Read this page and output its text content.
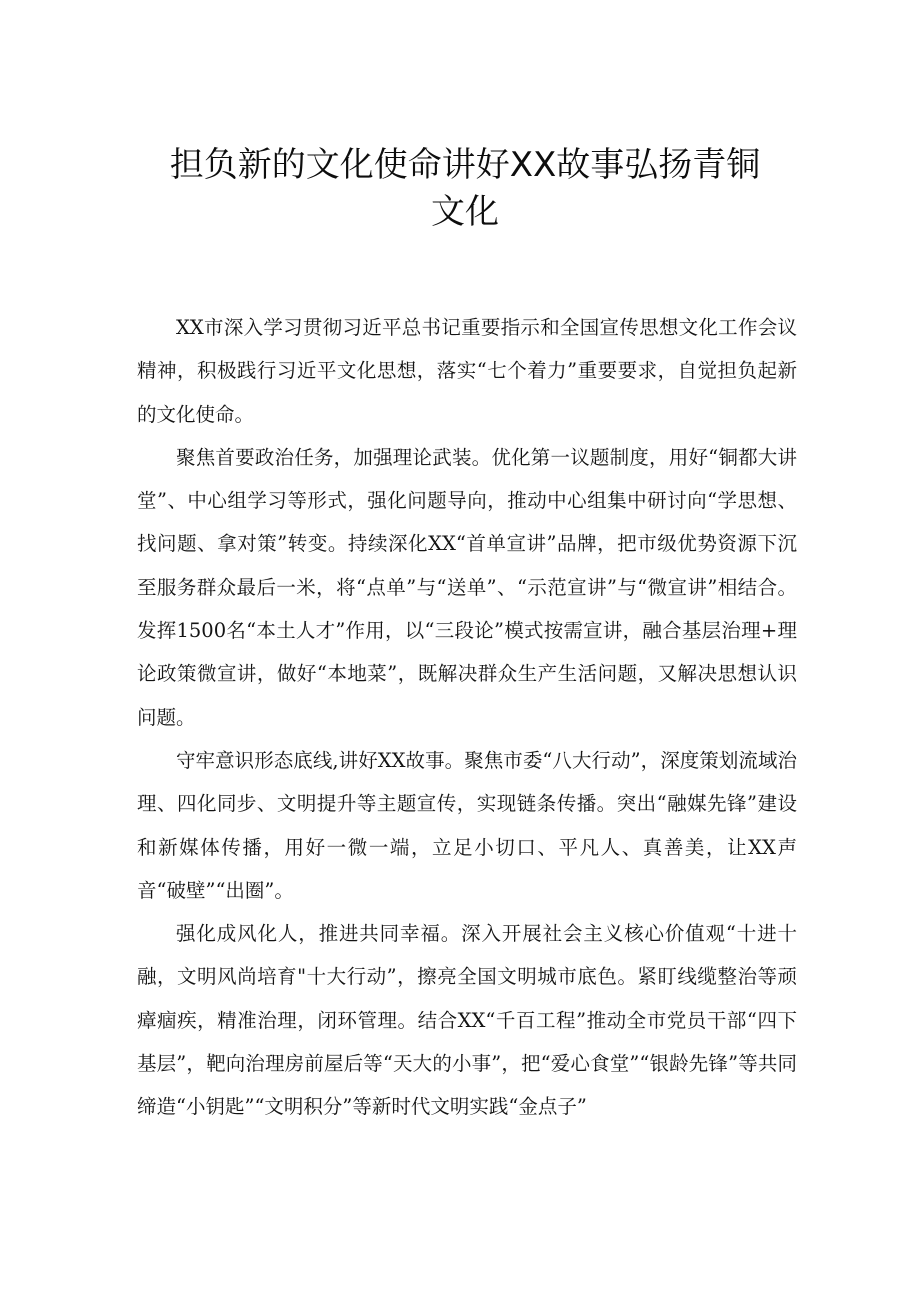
担负新的文化使命讲好XX故事弘扬青铜
文化

XX市深入学习贯彻习近平总书记重要指示和全国宣传思想文化工作会议精神，积极践行习近平文化思想，落实“七个着力”重要要求，自觉担负起新的文化使命。

聚焦首要政治任务，加强理论武装。优化第一议题制度，用好“铜都大讲堂”、中心组学习等形式，强化问题导向，推动中心组集中研讨向“学思想、找问题、拿对策”转变。持续深化XX“首单宣讲”品牌，把市级优势资源下沉至服务群众最后一米，将“点单”与“送单”、“示范宣讲”与“微宣讲”相结合。发挥1500名“本土人才”作用，以“三段论”模式按需宣讲，融合基层治理+理论政策微宣讲，做好“本地菜”，既解决群众生产生活问题，又解决思想认识问题。

守牢意识形态底线,讲好XX故事。聚焦市委“八大行动”，深度策划流域治理、四化同步、文明提升等主题宣传，实现链条传播。突出“融媒先锋”建设和新媒体传播，用好一微一端，立足小切口、平凡人、真善美，让XX声音“破壁”“出圈”。

强化成风化人，推进共同幸福。深入开展社会主义核心价值观“十进十融，文明风尚培育"十大行动”，擦亮全国文明城市底色。紧盯线缆整治等顽瘴痼疾，精准治理，闭环管理。结合XX“千百工程”推动全市党员干部“四下基层”，靶向治理房前屋后等“天大的小事”，把“爱心食堂”“银龄先锋”等共同缔造“小钥匙”“文明积分”等新时代文明实践“金点子”
